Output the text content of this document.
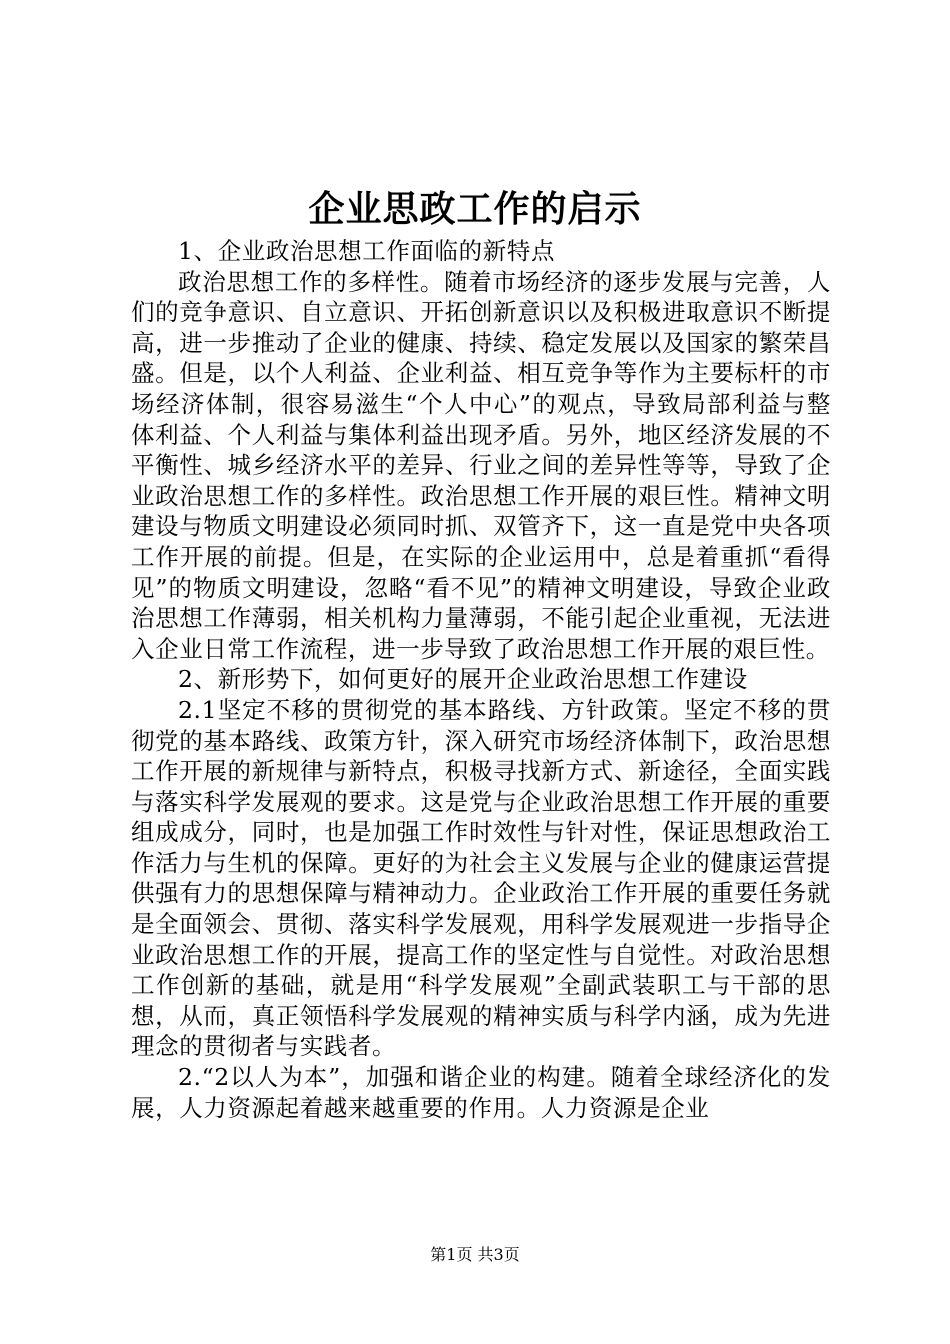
企业思政工作的启示

1、企业政治思想工作面临的新特点

政治思想工作的多样性。随着市场经济的逐步发展与完善，人们的竞争意识、自立意识、开拓创新意识以及积极进取意识不断提高，进一步推动了企业的健康、持续、稳定发展以及国家的繁荣昌盛。但是，以个人利益、企业利益、相互竞争等作为主要标杆的市场经济体制，很容易滋生“个人中心”的观点，导致局部利益与整体利益、个人利益与集体利益出现矛盾。另外，地区经济发展的不平衡性、城乡经济水平的差异、行业之间的差异性等等，导致了企业政治思想工作的多样性。政治思想工作开展的艰巨性。精神文明建设与物质文明建设必须同时抓、双管齐下，这一直是党中央各项工作开展的前提。但是，在实际的企业运用中，总是着重抓“看得见”的物质文明建设，忽略“看不见”的精神文明建设，导致企业政治思想工作薄弱，相关机构力量薄弱，不能引起企业重视，无法进入企业日常工作流程，进一步导致了政治思想工作开展的艰巨性。

2、新形势下，如何更好的展开企业政治思想工作建设

2.1坚定不移的贯彻党的基本路线、方针政策。坚定不移的贯彻党的基本路线、政策方针，深入研究市场经济体制下，政治思想工作开展的新规律与新特点，积极寻找新方式、新途径，全面实践与落实科学发展观的要求。这是党与企业政治思想工作开展的重要组成成分，同时，也是加强工作时效性与针对性，保证思想政治工作活力与生机的保障。更好的为社会主义发展与企业的健康运营提供强有力的思想保障与精神动力。企业政治工作开展的重要任务就是全面领会、贯彻、落实科学发展观，用科学发展观进一步指导企业政治思想工作的开展，提高工作的坚定性与自觉性。对政治思想工作创新的基础，就是用“科学发展观”全副武装职工与干部的思想，从而，真正领悟科学发展观的精神实质与科学内涵，成为先进理念的贯彻者与实践者。

2.“2以人为本”，加强和谐企业的构建。随着全球经济化的发展，人力资源起着越来越重要的作用。人力资源是企业

第1页 共3页
